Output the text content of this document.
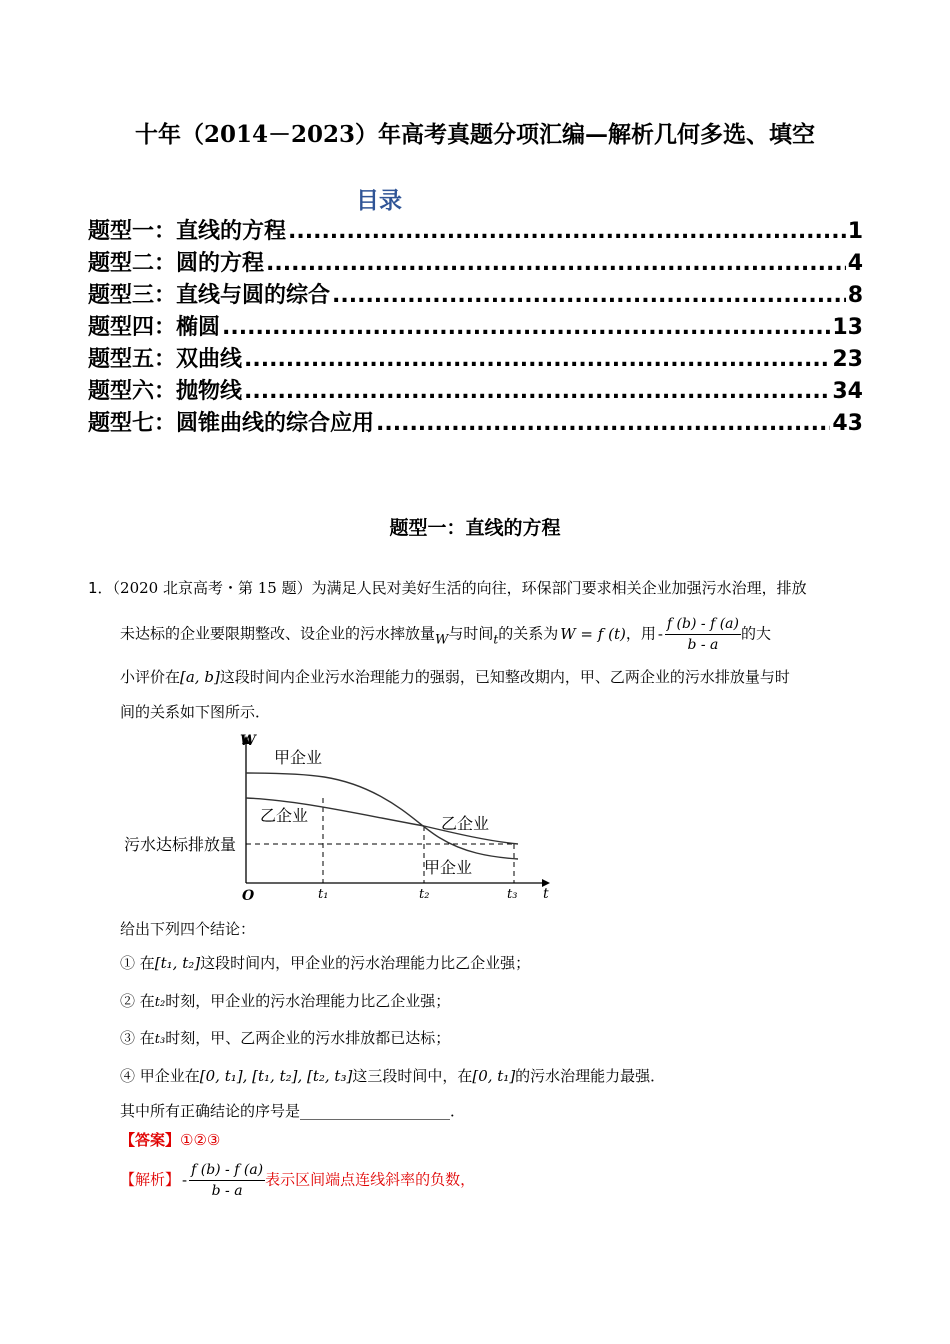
十年（2014－2023）年高考真题分项汇编—解析几何多选、填空
目录
题型一：直线的方程 .....	1
题型二：圆的方程 .....	4
题型三：直线与圆的综合 .....	8
题型四：椭圆 .....	13
题型五：双曲线 .....	23
题型六：抛物线 .....	34
题型七：圆锥曲线的综合应用 .....	43
题型一：直线的方程
1．（2020 北京高考・第 15 题）为满足人民对美好生活的向往，环保部门要求相关企业加强污水治理，排放
未达标的企业要限期整改、设企业的污水摔放量W与时间$_t$的关系为 W = f (t)，用 - $\frac{f (b) - f (a)}{b - a}$ 的大
小评价在[a, b]这段时间内企业污水治理能力的强弱，已知整改期内，甲、乙两企业的污水排放量与时
间的关系如下图所示．
W
t
O	t₁	t₂	t₃
甲企业
乙企业	乙企业
甲企业
污水达标排放量
给出下列四个结论：
① 在[t₁, t₂]这段时间内，甲企业的污水治理能力比乙企业强；
② 在t₂时刻，甲企业的污水治理能力比乙企业强；
③ 在t₃时刻，甲、乙两企业的污水排放都已达标；
④ 甲企业在[0, t₁], [t₁, t₂], [t₂, t₃]这三段时间中，在[0, t₁]的污水治理能力最强．
其中所有正确结论的序号是____________________．
【答案】①②③
【解析】 - $\frac{f (b) - f (a)}{b - a}$ 表示区间端点连线斜率的负数，
